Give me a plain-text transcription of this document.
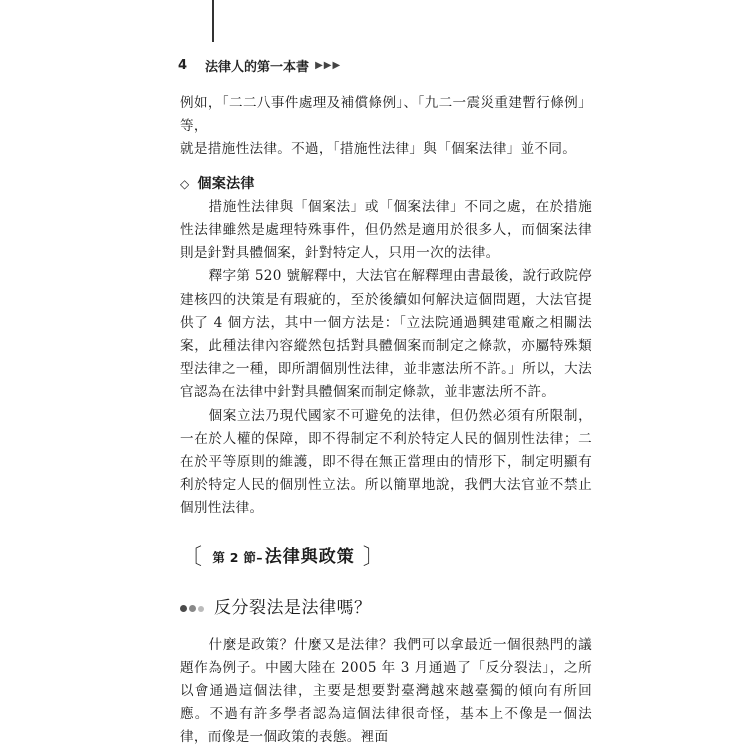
4 法律人的第一本書 ▶▶▶

例如，「二二八事件處理及補償條例」、「九二一震災重建暫行條例」等，
就是措施性法律。不過，「措施性法律」與「個案法律」並不同。

◇ 個案法律

措施性法律與「個案法」或「個案法律」不同之處，在於措施性法律雖然是處理特殊事件，但仍然是適用於很多人，而個案法律則是針對具體個案，針對特定人，只用一次的法律。

釋字第 520 號解釋中，大法官在解釋理由書最後，說行政院停建核四的決策是有瑕疵的，至於後續如何解決這個問題，大法官提供了 4 個方法，其中一個方法是：「立法院通過興建電廠之相關法案，此種法律內容縱然包括對具體個案而制定之條款，亦屬特殊類型法律之一種，即所謂個別性法律，並非憲法所不許。」所以，大法官認為在法律中針對具體個案而制定條款，並非憲法所不許。

個案立法乃現代國家不可避免的法律，但仍然必須有所限制，一在於人權的保障，即不得制定不利於特定人民的個別性法律；二在於平等原則的維護，即不得在無正當理由的情形下，制定明顯有利於特定人民的個別性立法。所以簡單地說，我們大法官並不禁止個別性法律。

〔 第 2 節– 法律與政策 〕
反分裂法是法律嗎？

什麼是政策？什麼又是法律？我們可以拿最近一個很熱門的議題作為例子。中國大陸在 2005 年 3 月通過了「反分裂法」，之所以會通過這個法律，主要是想要對臺灣越來越臺獨的傾向有所回應。不過有許多學者認為這個法律很奇怪，基本上不像是一個法律，而像是一個政策的表態。裡面
